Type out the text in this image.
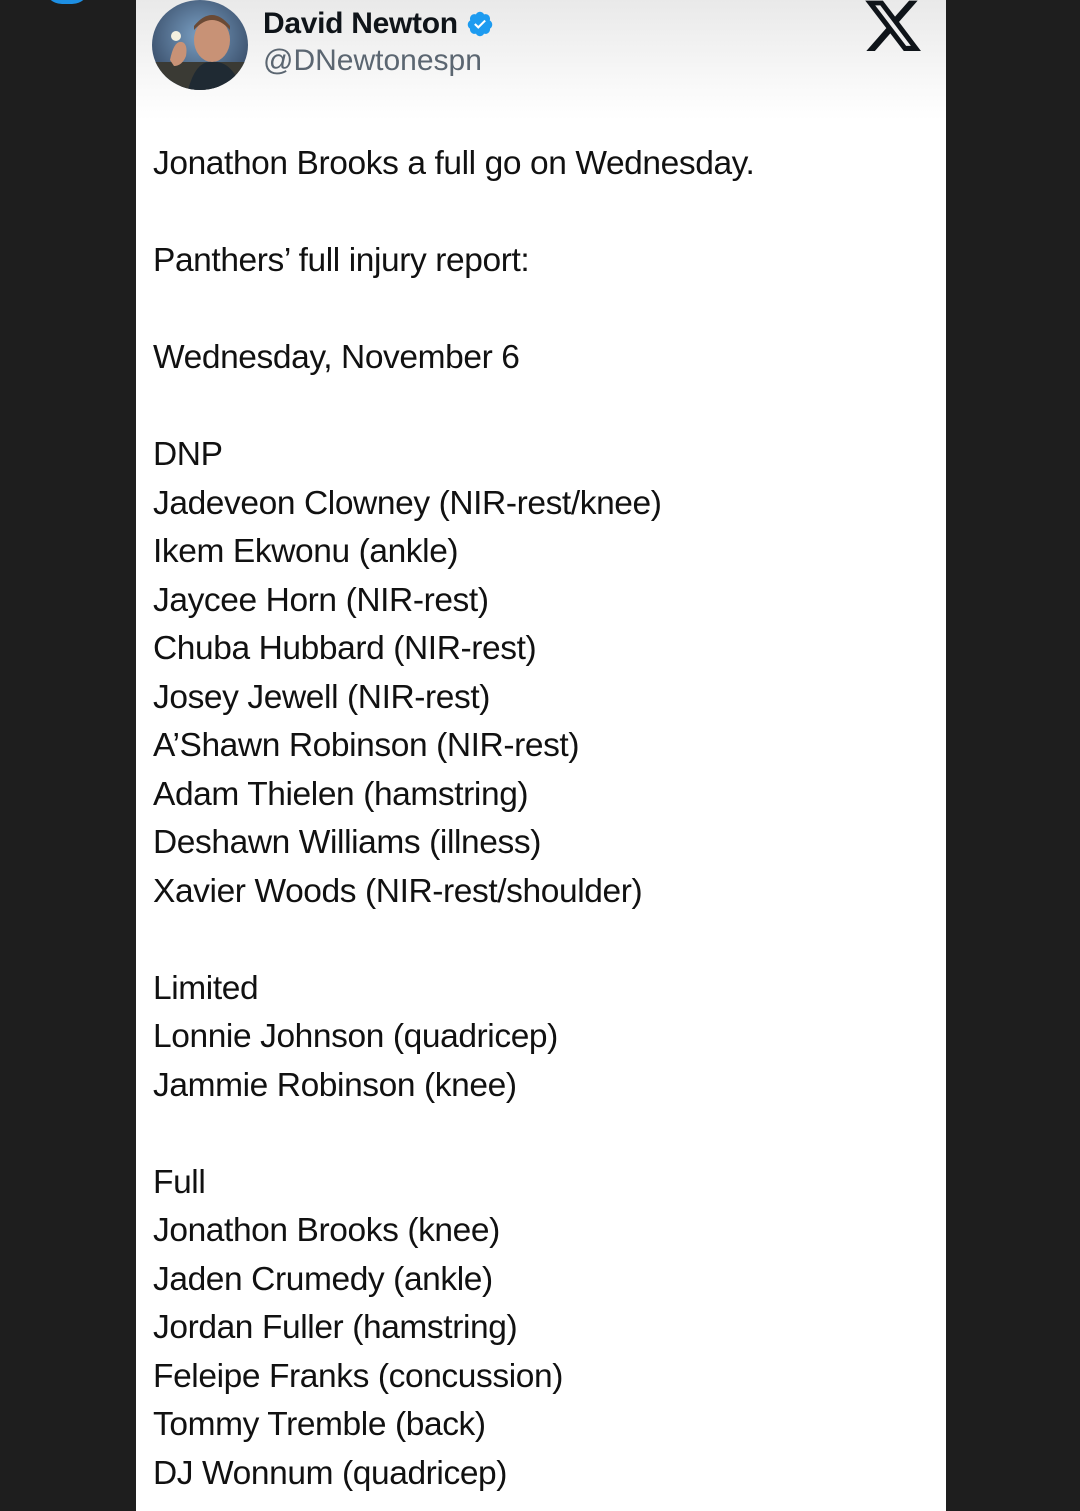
David Newton
@DNewtonespn
Jonathon Brooks a full go on Wednesday.
Panthers’ full injury report:
Wednesday, November 6
DNP
Jadeveon Clowney (NIR-rest/knee)
Ikem Ekwonu (ankle)
Jaycee Horn (NIR-rest)
Chuba Hubbard (NIR-rest)
Josey Jewell (NIR-rest)
A’Shawn Robinson (NIR-rest)
Adam Thielen (hamstring)
Deshawn Williams (illness)
Xavier Woods (NIR-rest/shoulder)
Limited
Lonnie Johnson (quadricep)
Jammie Robinson (knee)
Full
Jonathon Brooks (knee)
Jaden Crumedy (ankle)
Jordan Fuller (hamstring)
Feleipe Franks (concussion)
Tommy Tremble (back)
DJ Wonnum (quadricep)
